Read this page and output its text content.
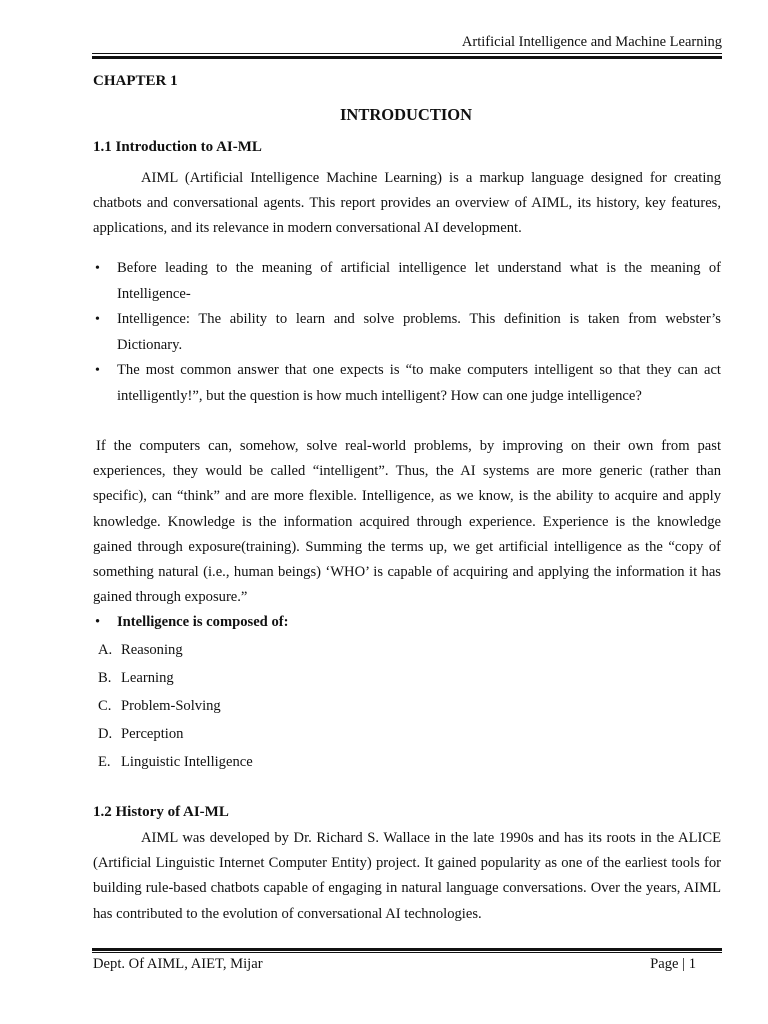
Artificial Intelligence and Machine Learning
CHAPTER 1
INTRODUCTION
1.1 Introduction to AI-ML

AIML (Artificial Intelligence Machine Learning) is a markup language designed for creating chatbots and conversational agents. This report provides an overview of AIML, its history, key features, applications, and its relevance in modern conversational AI development.

• Before leading to the meaning of artificial intelligence let understand what is the meaning of Intelligence-
• Intelligence: The ability to learn and solve problems. This definition is taken from webster’s Dictionary.
• The most common answer that one expects is “to make computers intelligent so that they can act intelligently!”, but the question is how much intelligent? How can one judge intelligence?

If the computers can, somehow, solve real-world problems, by improving on their own from past experiences, they would be called “intelligent”. Thus, the AI systems are more generic (rather than specific), can “think” and are more flexible. Intelligence, as we know, is the ability to acquire and apply knowledge. Knowledge is the information acquired through experience. Experience is the knowledge gained through exposure(training). Summing the terms up, we get artificial intelligence as the “copy of something natural (i.e., human beings) ‘WHO’ is capable of acquiring and applying the information it has gained through exposure.”

• Intelligence is composed of:
A. Reasoning
B. Learning
C. Problem-Solving
D. Perception
E. Linguistic Intelligence
1.2 History of AI-ML

AIML was developed by Dr. Richard S. Wallace in the late 1990s and has its roots in the ALICE (Artificial Linguistic Internet Computer Entity) project. It gained popularity as one of the earliest tools for building rule-based chatbots capable of engaging in natural language conversations. Over the years, AIML has contributed to the evolution of conversational AI technologies.

Dept. Of AIML, AIET, Mijar	Page | 1
